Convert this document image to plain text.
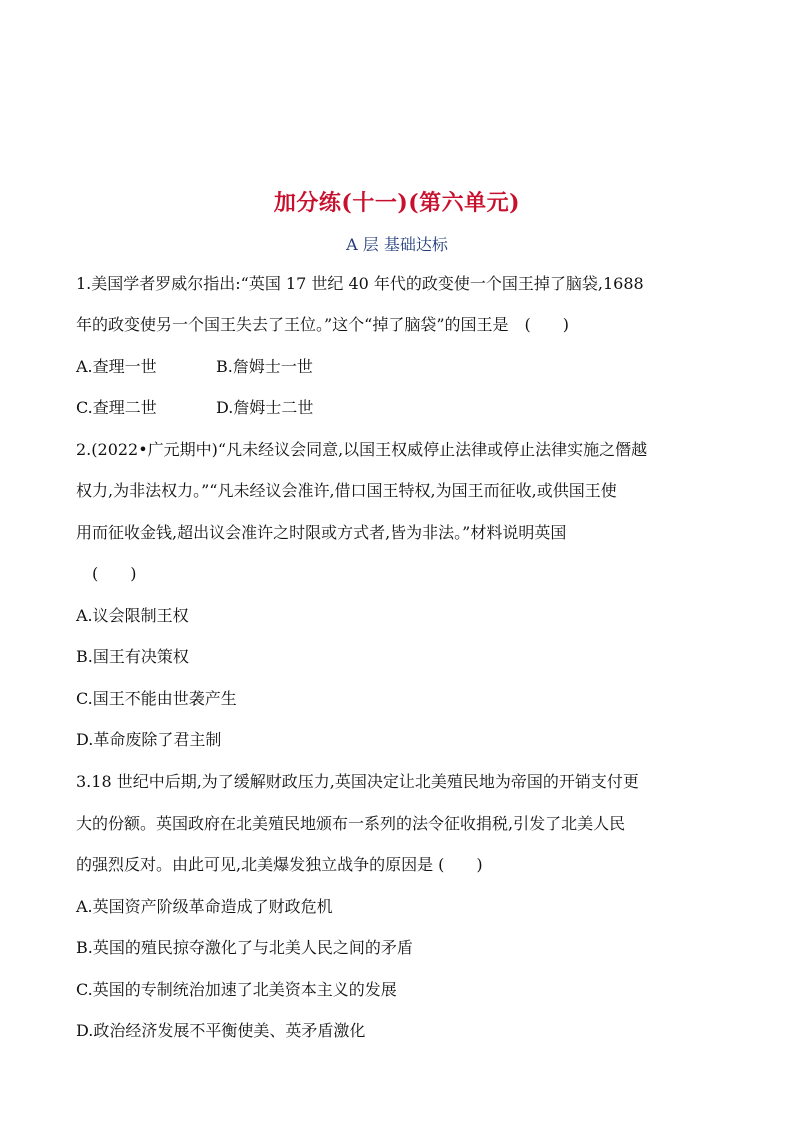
加分练(十一)(第六单元)
A 层 基础达标
1.美国学者罗威尔指出:“英国 17 世纪 40 年代的政变使一个国王掉了脑袋,1688
年的政变使另一个国王失去了王位。”这个“掉了脑袋”的国王是　(　　)
A.查理一世	B.詹姆士一世
C.查理二世	D.詹姆士二世
2.(2022•广元期中)“凡未经议会同意,以国王权威停止法律或停止法律实施之僭越
权力,为非法权力。”“凡未经议会准许,借口国王特权,为国王而征收,或供国王使
用而征收金钱,超出议会准许之时限或方式者,皆为非法。”材料说明英国
　(　　)
A.议会限制王权
B.国王有决策权
C.国王不能由世袭产生
D.革命废除了君主制
3.18 世纪中后期,为了缓解财政压力,英国决定让北美殖民地为帝国的开销支付更
大的份额。英国政府在北美殖民地颁布一系列的法令征收捐税,引发了北美人民
的强烈反对。由此可见,北美爆发独立战争的原因是 (　　)
A.英国资产阶级革命造成了财政危机
B.英国的殖民掠夺激化了与北美人民之间的矛盾
C.英国的专制统治加速了北美资本主义的发展
D.政治经济发展不平衡使美、英矛盾激化
